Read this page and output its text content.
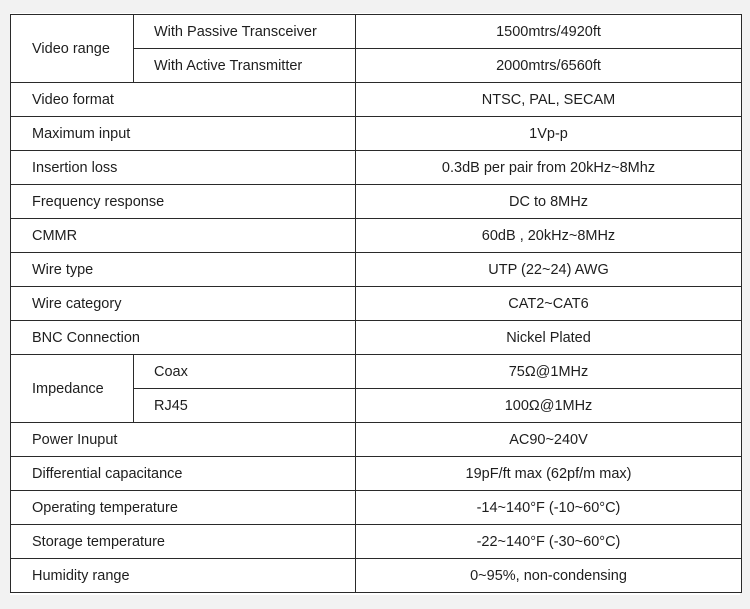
Video range	With Passive Transceiver	1500mtrs/4920ft
	With Active Transmitter	2000mtrs/6560ft
Video format		NTSC, PAL, SECAM
Maximum input		1Vp-p
Insertion loss		0.3dB per pair from 20kHz~8Mhz
Frequency response		DC to 8MHz
CMMR		60dB , 20kHz~8MHz
Wire type		UTP (22~24) AWG
Wire category		CAT2~CAT6
BNC Connection		Nickel Plated
Impedance	Coax	75Ω@1MHz
	RJ45	100Ω@1MHz
Power Inuput		AC90~240V
Differential capacitance		19pF/ft max (62pf/m max)
Operating temperature		-14~140°F (-10~60°C)
Storage temperature		-22~140°F (-30~60°C)
Humidity range		0~95%, non-condensing
